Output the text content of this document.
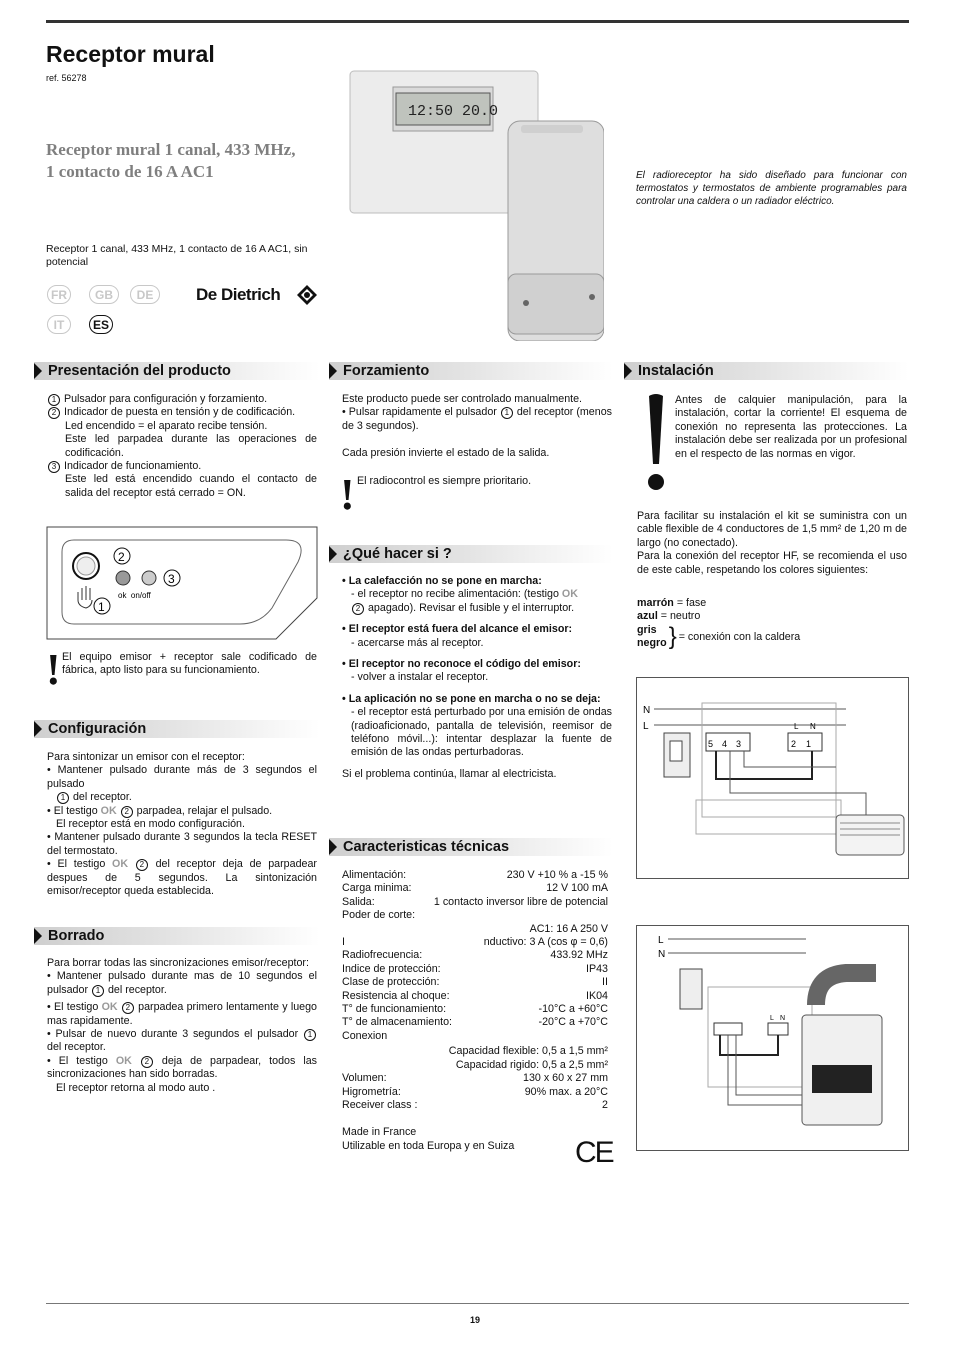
Receptor mural
ref. 56278
Receptor mural 1 canal, 433 MHz,
1 contacto de 16 A AC1
Receptor 1 canal, 433 MHz, 1 contacto de 16 A AC1, sin potencial
El radioreceptor ha sido diseñado para funcionar con termostatos y termostatos de ambiente programables para controlar una caldera o un radiador eléctrico.
FR	GB	DE
IT	ES
De Dietrich
12:50 20.0
Presentación del producto

1 Pulsador para configuración y forzamiento.

2 Indicador de puesta en tensión y de codificación.

Led encendido = el aparato recibe tensión.

Este led parpadea durante las operaciones de codificación.

3 Indicador de funcionamiento.

Este led está encendido cuando el contacto de salida del receptor está cerrado = ON.

2
3
1
ok  on/off
! El equipo emisor + receptor sale codificado de fábrica, apto listo para su funcionamiento.
Configuración

Para sintonizar un emisor con el receptor:

• Mantener pulsado durante más de 3 segundos el pulsado

1 del receptor.

• El testigo OK 2 parpadea, relajar el pulsado.

El receptor está en modo configuración.

• Mantener pulsado durante 3 segundos la tecla RESET del termostato.

• El testigo OK 2 del receptor deja de parpadear despues de 5 segundos. La sintonización emisor/receptor queda establecida.

Borrado

Para borrar todas las sincronizaciones emisor/receptor:

• Mantener pulsado durante mas de 10 segundos el pulsador 1 del receptor.

• El testigo OK 2 parpadea primero lentamente y luego mas rapidamente.

• Pulsar de nuevo durante 3 segundos el pulsador 1 del receptor.

• El testigo OK 2 deja de parpadear, todos las sincronizaciones han sido borradas.

El receptor retorna al modo auto .

Forzamiento

Este producto puede ser controlado manualmente.

• Pulsar rapidamente el pulsador 1 del receptor (menos de 3 segundos).

Cada presión invierte el estado de la salida.

! El radiocontrol es siempre prioritario.
¿Qué hacer si ?

• La calefacción no se pone en marcha:

- el receptor no recibe alimentación: (testigo OK

2 apagado). Revisar el fusible y el interruptor.

• El receptor está fuera del alcance el emisor:

- acercarse más al receptor.

• El receptor no reconoce el código del emisor:

- volver a instalar el receptor.

• La aplicación no se pone en marcha o no se deja:

- el receptor está perturbado por una emisión de ondas (radioaficionado, pantalla de televisión, reemisor de teléfono móvil...): intentar desplazar la fuente de emisión de las ondas perturbadoras.

Si el problema continúa, llamar al electricista.

Caracteristicas técnicas
Alimentación:	230 V +10 % a -15 %
Carga minima:	12 V 100 mA
Salida:	1 contacto inversor libre de potencial
Poder de corte:
AC1: 16 A 250 V
I	nductivo: 3 A (cos φ = 0,6)
Radiofrecuencia:	433.92 MHz
Indice de protección:	IP43
Clase de protección:	II
Resistencia al choque:	IK04
T° de funcionamiento:	-10°C a +60°C
T° de almacenamiento:	-20°C a +70°C
Conexion
Capacidad flexible: 0,5 a 1,5 mm²
Capacidad rigido: 0,5 a 2,5 mm²
Volumen:	130 x 60 x 27 mm
Higrometría:	90% max. a 20°C
Receiver class :	2
Made in France
Utilizable en toda Europa y en Suiza	CE
Instalación
Antes de calquier manipulación, para la instalación, cortar la corriente! El esquema de conexión no representa las protecciones. La instalación debe ser realizada por un profesional en el respecto de las normas en vigor.

Para facilitar su instalación el kit se suministra con un cable flexible de 4 conductores de 1,5 mm² de 1,20 m de largo (no conectado).

Para la conexión del receptor HF, se recomienda el uso de este cable, respetando los colores siguientes:

marrón = fase

azul = neutro

gris
negro } = conexión con la caldera
L
N
5 4 3	2 1
L N
L
N
L N
19
